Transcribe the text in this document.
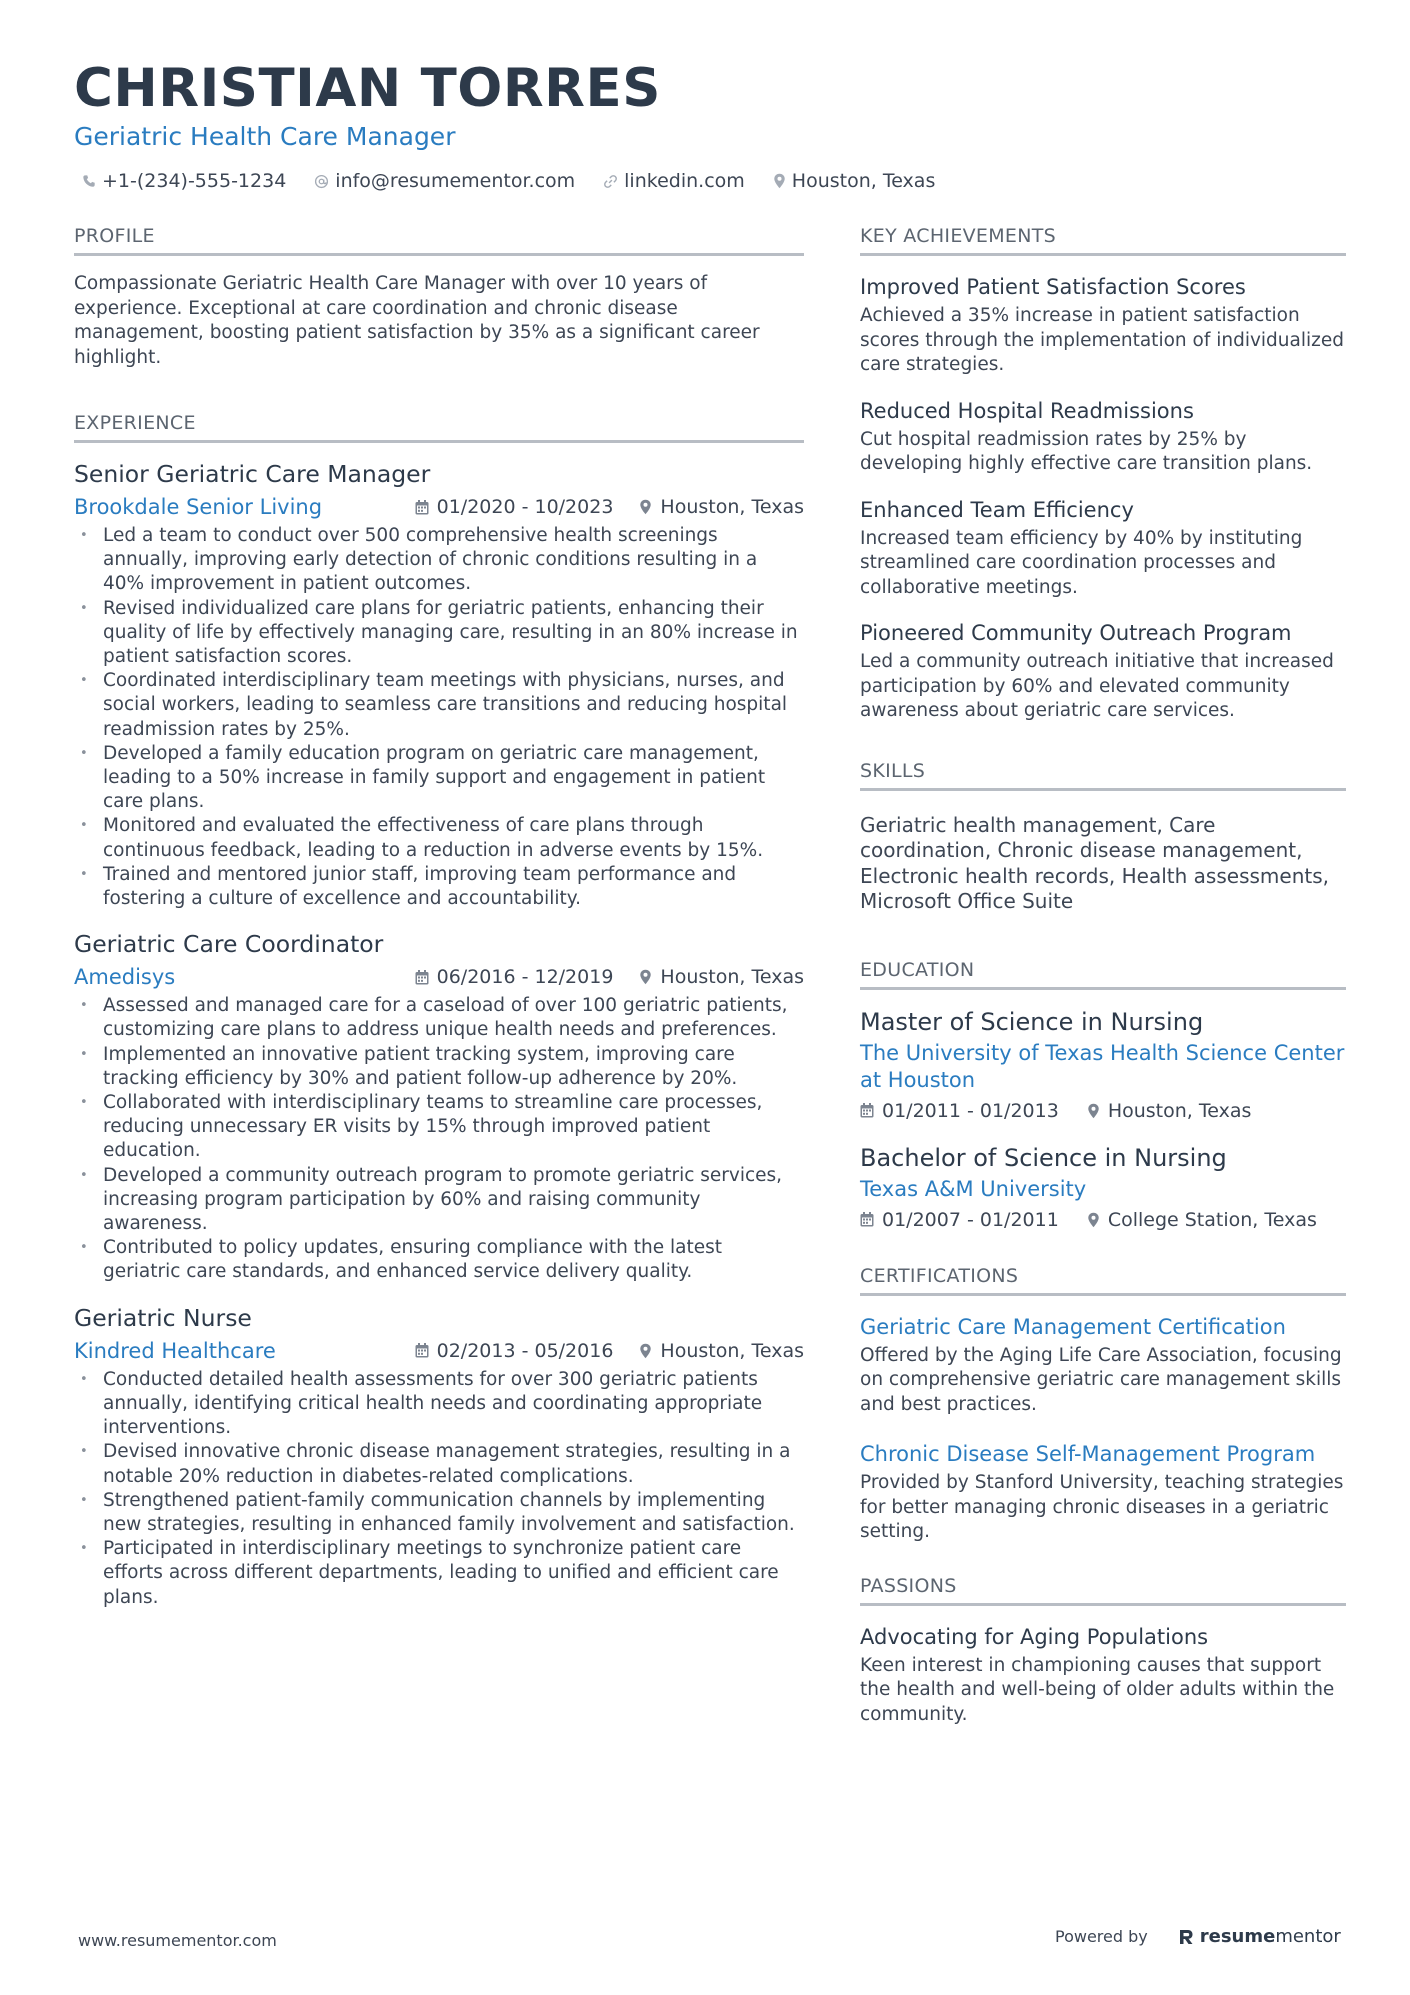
CHRISTIAN TORRES
Geriatric Health Care Manager
+1-(234)-555-1234	info@resumementor.com	linkedin.com Houston, Texas
PROFILE
Compassionate Geriatric Health Care Manager with over 10 years of experience. Exceptional at care coordination and chronic disease management, boosting patient satisfaction by 35% as a significant career highlight.
EXPERIENCE
Senior Geriatric Care Manager
Brookdale Senior Living	01/2020 - 10/2023 Houston, Texas
• Led a team to conduct over 500 comprehensive health screenings annually, improving early detection of chronic conditions resulting in a 40% improvement in patient outcomes.
• Revised individualized care plans for geriatric patients, enhancing their quality of life by effectively managing care, resulting in an 80% increase in patient satisfaction scores.
• Coordinated interdisciplinary team meetings with physicians, nurses, and social workers, leading to seamless care transitions and reducing hospital readmission rates by 25%.
• Developed a family education program on geriatric care management, leading to a 50% increase in family support and engagement in patient care plans.
• Monitored and evaluated the effectiveness of care plans through continuous feedback, leading to a reduction in adverse events by 15%.
• Trained and mentored junior staff, improving team performance and fostering a culture of excellence and accountability.
Geriatric Care Coordinator
Amedisys	06/2016 - 12/2019 Houston, Texas
• Assessed and managed care for a caseload of over 100 geriatric patients, customizing care plans to address unique health needs and preferences.
• Implemented an innovative patient tracking system, improving care tracking efficiency by 30% and patient follow-up adherence by 20%.
• Collaborated with interdisciplinary teams to streamline care processes, reducing unnecessary ER visits by 15% through improved patient education.
• Developed a community outreach program to promote geriatric services, increasing program participation by 60% and raising community awareness.
• Contributed to policy updates, ensuring compliance with the latest geriatric care standards, and enhanced service delivery quality.
Geriatric Nurse
Kindred Healthcare	02/2013 - 05/2016 Houston, Texas
• Conducted detailed health assessments for over 300 geriatric patients annually, identifying critical health needs and coordinating appropriate interventions.
• Devised innovative chronic disease management strategies, resulting in a notable 20% reduction in diabetes-related complications.
• Strengthened patient-family communication channels by implementing new strategies, resulting in enhanced family involvement and satisfaction.
• Participated in interdisciplinary meetings to synchronize patient care efforts across different departments, leading to unified and efficient care plans.
KEY ACHIEVEMENTS
Improved Patient Satisfaction Scores
Achieved a 35% increase in patient satisfaction scores through the implementation of individualized care strategies.
Reduced Hospital Readmissions
Cut hospital readmission rates by 25% by developing highly effective care transition plans.
Enhanced Team Efficiency
Increased team efficiency by 40% by instituting streamlined care coordination processes and collaborative meetings.
Pioneered Community Outreach Program
Led a community outreach initiative that increased participation by 60% and elevated community awareness about geriatric care services.
SKILLS
Geriatric health management, Care coordination, Chronic disease management, Electronic health records, Health assessments, Microsoft Office Suite
EDUCATION
Master of Science in Nursing
The University of Texas Health Science Center at Houston
01/2011 - 01/2013	Houston, Texas
Bachelor of Science in Nursing
Texas A&M University
01/2007 - 01/2011	College Station, Texas
CERTIFICATIONS
Geriatric Care Management Certification
Offered by the Aging Life Care Association, focusing on comprehensive geriatric care management skills and best practices.
Chronic Disease Self-Management Program
Provided by Stanford University, teaching strategies for better managing chronic diseases in a geriatric setting.
PASSIONS
Advocating for Aging Populations
Keen interest in championing causes that support the health and well-being of older adults within the community.
www.resumementor.com	Powered by	resumementor
